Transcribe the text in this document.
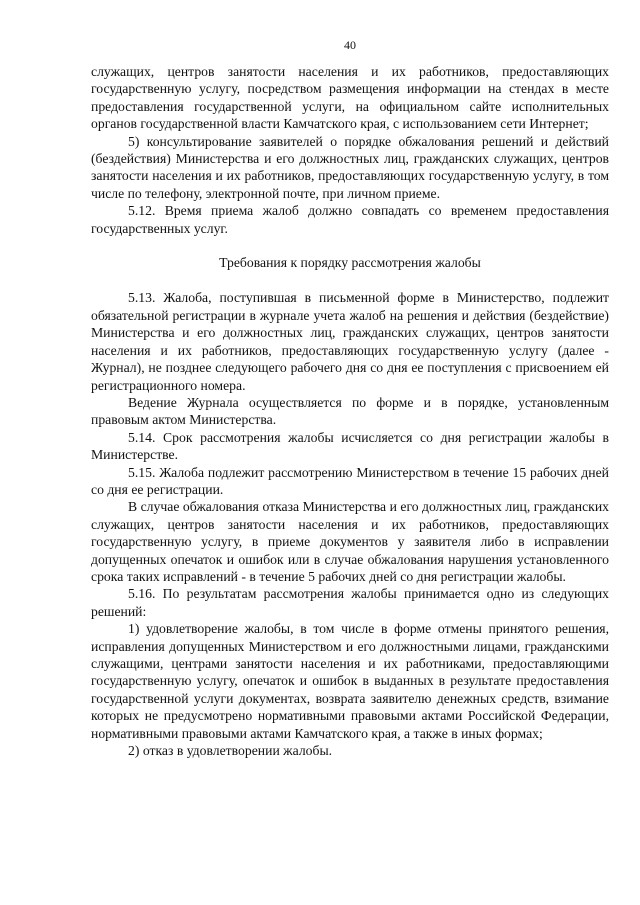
40

служащих, центров занятости населения и их работников, предоставляющих государственную услугу, посредством размещения информации на стендах в месте предоставления государственной услуги, на официальном сайте исполнительных органов государственной власти Камчатского края, с использованием сети Интернет;

5) консультирование заявителей о порядке обжалования решений и действий (бездействия) Министерства и его должностных лиц, гражданских служащих, центров занятости населения и их работников, предоставляющих государственную услугу, в том числе по телефону, электронной почте, при личном приеме.

5.12. Время приема жалоб должно совпадать со временем предоставления государственных услуг.

Требования к порядку рассмотрения жалобы

5.13. Жалоба, поступившая в письменной форме в Министерство, подлежит обязательной регистрации в журнале учета жалоб на решения и действия (бездействие) Министерства и его должностных лиц, гражданских служащих, центров занятости населения и их работников, предоставляющих государственную услугу (далее - Журнал), не позднее следующего рабочего дня со дня ее поступления с присвоением ей регистрационного номера.

Ведение Журнала осуществляется по форме и в порядке, установленным правовым актом Министерства.

5.14. Срок рассмотрения жалобы исчисляется со дня регистрации жалобы в Министерстве.

5.15. Жалоба подлежит рассмотрению Министерством в течение 15 рабочих дней со дня ее регистрации.

В случае обжалования отказа Министерства и его должностных лиц, гражданских служащих, центров занятости населения и их работников, предоставляющих государственную услугу, в приеме документов у заявителя либо в исправлении допущенных опечаток и ошибок или в случае обжалования нарушения установленного срока таких исправлений - в течение 5 рабочих дней со дня регистрации жалобы.

5.16. По результатам рассмотрения жалобы принимается одно из следующих решений:

1) удовлетворение жалобы, в том числе в форме отмены принятого решения, исправления допущенных Министерством и его должностными лицами, гражданскими служащими, центрами занятости населения и их работниками, предоставляющими государственную услугу, опечаток и ошибок в выданных в результате предоставления государственной услуги документах, возврата заявителю денежных средств, взимание которых не предусмотрено нормативными правовыми актами Российской Федерации, нормативными правовыми актами Камчатского края, а также в иных формах;

2) отказ в удовлетворении жалобы.
